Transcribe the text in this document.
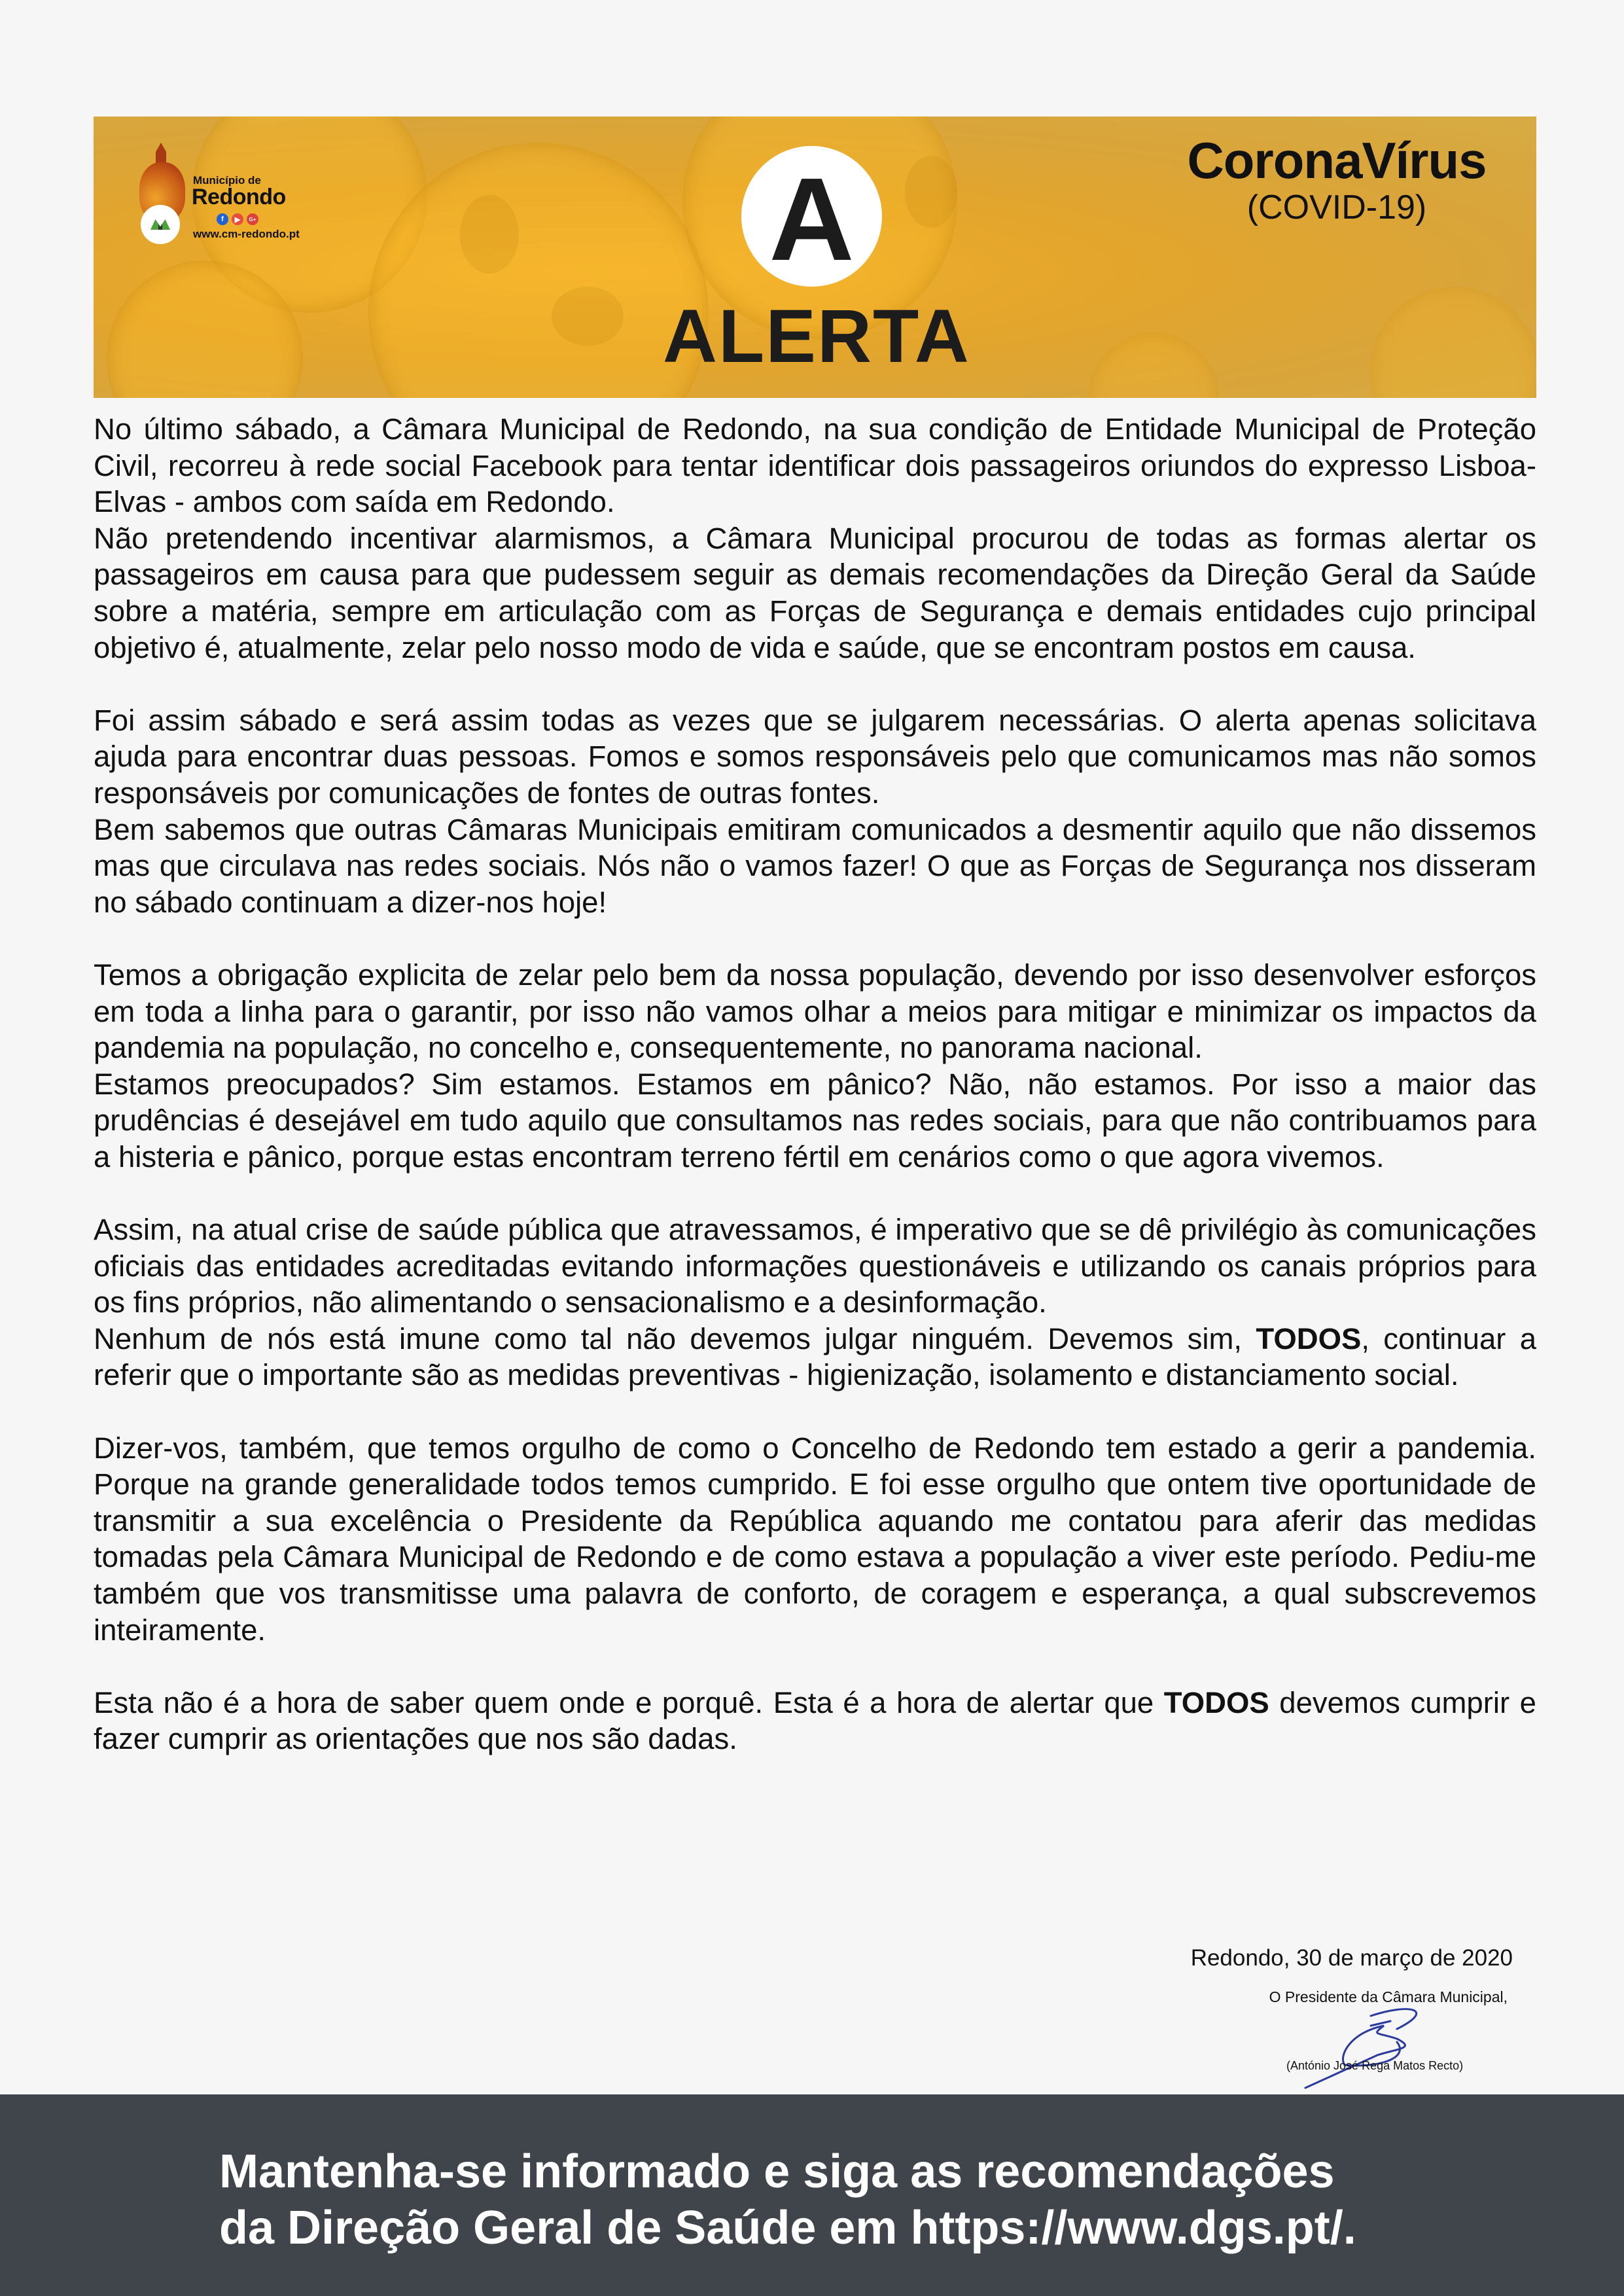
Município de
Redondo
f	▶	G+
www.cm-redondo.pt	A
ALERTA
CoronaVírus
(COVID-19)

No último sábado, a Câmara Municipal de Redondo, na sua condição de Entidade Municipal de Proteção Civil, recorreu à rede social Facebook para tentar identificar dois passageiros oriundos do expresso Lisboa-Elvas - ambos com saída em Redondo.

Não pretendendo incentivar alarmismos, a Câmara Municipal procurou de todas as formas alertar os passageiros em causa para que pudessem seguir as demais recomendações da Direção Geral da Saúde sobre a matéria, sempre em articulação com as Forças de Segurança e demais entidades cujo principal objetivo é, atualmente, zelar pelo nosso modo de vida e saúde, que se encontram postos em causa.

Foi assim sábado e será assim todas as vezes que se julgarem necessárias. O alerta apenas solicitava ajuda para encontrar duas pessoas. Fomos e somos responsáveis pelo que comunicamos mas não somos responsáveis por comunicações de fontes de outras fontes.

Bem sabemos que outras Câmaras Municipais emitiram comunicados a desmentir aquilo que não dissemos mas que circulava nas redes sociais. Nós não o vamos fazer! O que as Forças de Segurança nos disseram no sábado continuam a dizer-nos hoje!

Temos a obrigação explicita de zelar pelo bem da nossa população, devendo por isso desenvolver esforços em toda a linha para o garantir, por isso não vamos olhar a meios para mitigar e minimizar os impactos da pandemia na população, no concelho e, consequentemente, no panorama nacional.

Estamos preocupados? Sim estamos. Estamos em pânico? Não, não estamos. Por isso a maior das prudências é desejável em tudo aquilo que consultamos nas redes sociais, para que não contribuamos para a histeria e pânico, porque estas encontram terreno fértil em cenários como o que agora vivemos.

Assim, na atual crise de saúde pública que atravessamos, é imperativo que se dê privilégio às comunicações oficiais das entidades acreditadas evitando informações questionáveis e utilizando os canais próprios para os fins próprios, não alimentando o sensacionalismo e a desinformação.

Nenhum de nós está imune como tal não devemos julgar ninguém. Devemos sim, TODOS, continuar a referir que o importante são as medidas preventivas - higienização, isolamento e distanciamento social.

Dizer-vos, também, que temos orgulho de como o Concelho de Redondo tem estado a gerir a pandemia. Porque na grande generalidade todos temos cumprido. E foi esse orgulho que ontem tive oportunidade de transmitir a sua excelência o Presidente da República aquando me contatou para aferir das medidas tomadas pela Câmara Municipal de Redondo e de como estava a população a viver este período. Pediu-me também que vos transmitisse uma palavra de conforto, de coragem e esperança, a qual subscrevemos inteiramente.

Esta não é a hora de saber quem onde e porquê. Esta é a hora de alertar que TODOS devemos cumprir e fazer cumprir as orientações que nos são dadas.

Redondo, 30 de março de 2020
O Presidente da Câmara Municipal,
(António José Rega Matos Recto)
Mantenha-se informado e siga as recomendações
da Direção Geral de Saúde em https://www.dgs.pt/.
